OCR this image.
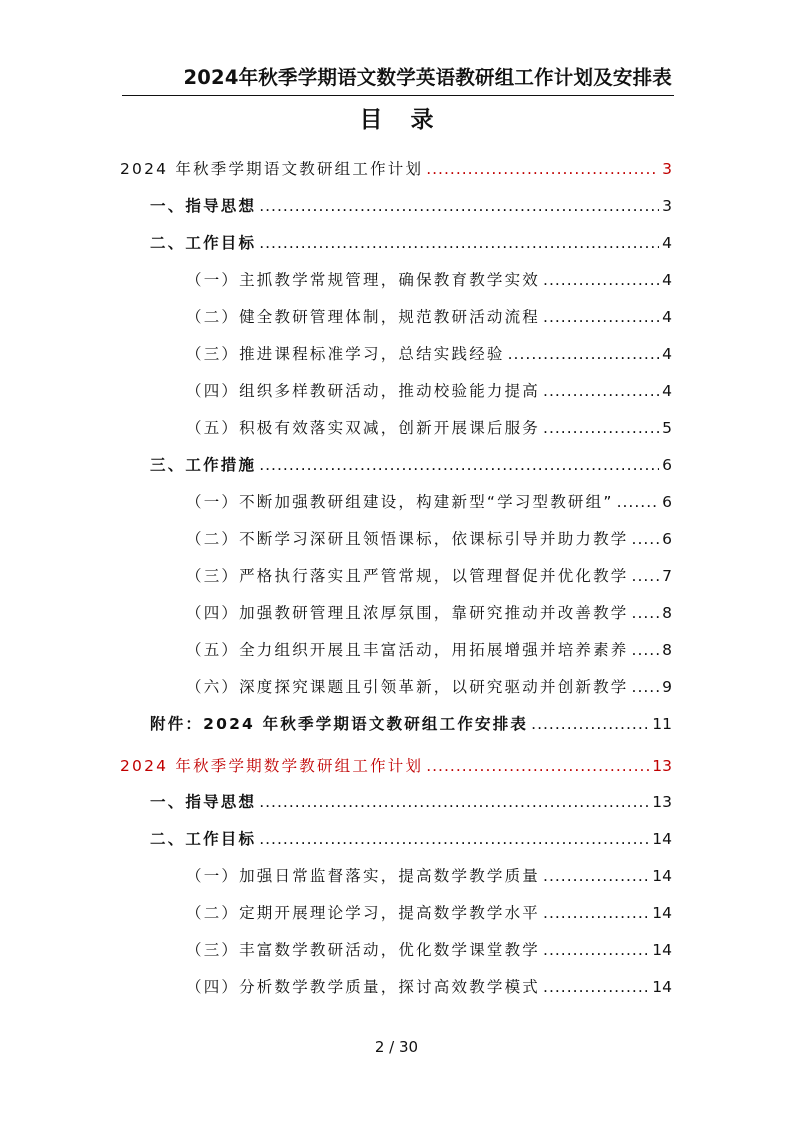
2024年秋季学期语文数学英语教研组工作计划及安排表
目 录
2024 年秋季学期语文教研组工作计划 .....	3
一、指导思想 .....	3
二、工作目标 .....	4
（一）主抓教学常规管理，确保教育教学实效 .....	4
（二）健全教研管理体制，规范教研活动流程 .....	4
（三）推进课程标准学习，总结实践经验 .....	4
（四）组织多样教研活动，推动校验能力提高 .....	4
（五）积极有效落实双减，创新开展课后服务 .....	5
三、工作措施 .....	6
（一）不断加强教研组建设，构建新型“学习型教研组” .....	6
（二）不断学习深研且领悟课标，依课标引导并助力教学 ..... 6
（三）严格执行落实且严管常规，以管理督促并优化教学 ..... 7
（四）加强教研管理且浓厚氛围，靠研究推动并改善教学 ..... 8
（五）全力组织开展且丰富活动，用拓展增强并培养素养 ..... 8
（六）深度探究课题且引领革新，以研究驱动并创新教学 ..... 9
附件：2024 年秋季学期语文教研组工作安排表 .....	11
2024 年秋季学期数学教研组工作计划 .....	13
一、指导思想 .....	13
二、工作目标 .....	14
（一）加强日常监督落实，提高数学教学质量 .....	14
（二）定期开展理论学习，提高数学教学水平 .....	14
（三）丰富数学教研活动，优化数学课堂教学 .....	14
（四）分析数学教学质量，探讨高效教学模式 .....	14
2 / 30
